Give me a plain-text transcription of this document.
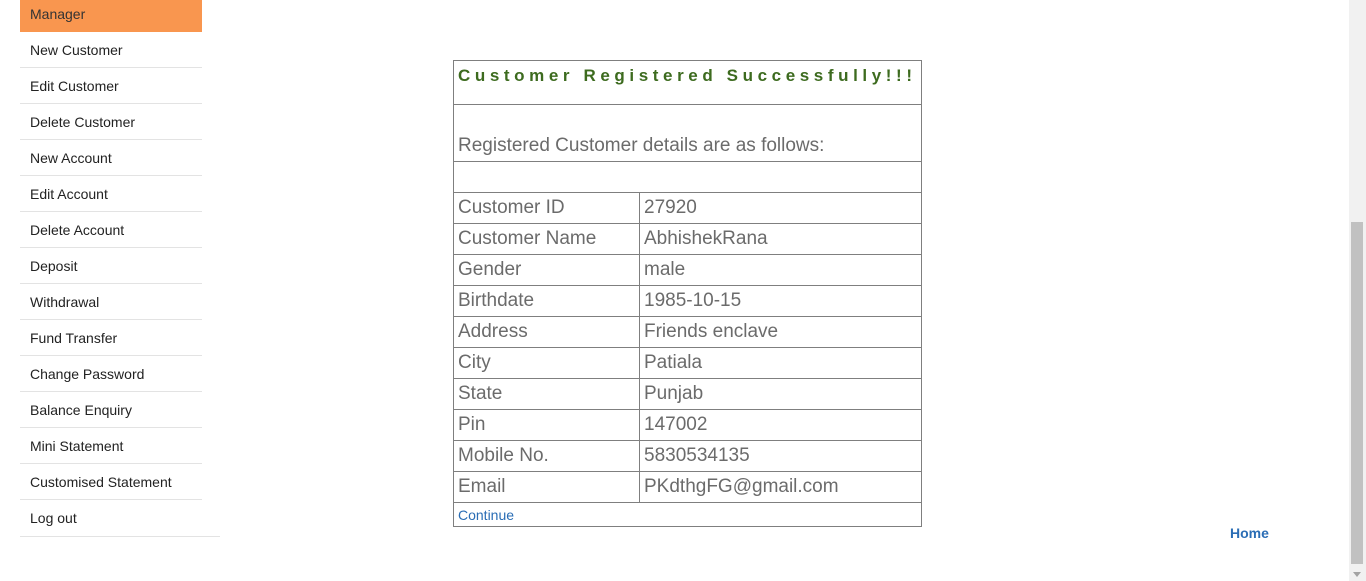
Manager
New Customer
Edit Customer
Delete Customer
New Account
Edit Account
Delete Account
Deposit
Withdrawal
Fund Transfer
Change Password
Balance Enquiry
Mini Statement
Customised Statement
Log out
Customer Registered Successfully!!!	
Registered Customer details are as follows:	

Customer ID	27920
Customer Name	AbhishekRana
Gender	male
Birthdate	1985-10-15
Address	Friends enclave
City	Patiala
State	Punjab
Pin	147002
Mobile No.	5830534135
Email	PKdthgFG@gmail.com
Continue	
Home
